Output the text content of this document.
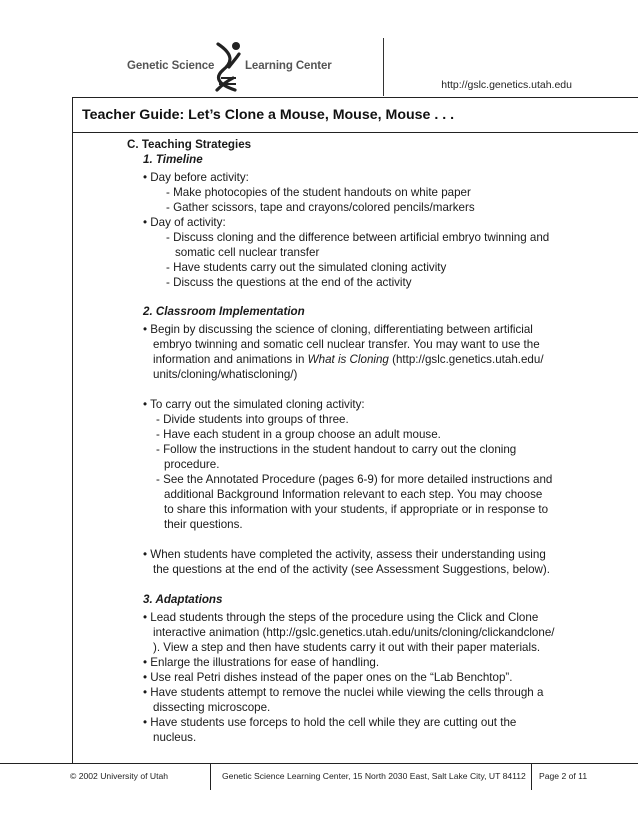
Genetic Science	Learning Center
http://gslc.genetics.utah.edu
Teacher Guide: Let’s Clone a Mouse, Mouse, Mouse . . .
C. Teaching Strategies
1. Timeline
• Day before activity:
- Make photocopies of the student handouts on white paper
- Gather scissors, tape and crayons/colored pencils/markers
• Day of activity:
- Discuss cloning and the difference between artificial embryo twinning and
somatic cell nuclear transfer
- Have students carry out the simulated cloning activity
- Discuss the questions at the end of the activity
2. Classroom Implementation
• Begin by discussing the science of cloning, differentiating between artificial
embryo twinning and somatic cell nuclear transfer. You may want to use the
information and animations in What is Cloning (http://gslc.genetics.utah.edu/
units/cloning/whatiscloning/)
• To carry out the simulated cloning activity:
- Divide students into groups of three.
- Have each student in a group choose an adult mouse.
- Follow the instructions in the student handout to carry out the cloning
procedure.
- See the Annotated Procedure (pages 6-9) for more detailed instructions and
additional Background Information relevant to each step. You may choose
to share this information with your students, if appropriate or in response to
their questions.
• When students have completed the activity, assess their understanding using
the questions at the end of the activity (see Assessment Suggestions, below).
3. Adaptations
• Lead students through the steps of the procedure using the Click and Clone
interactive animation (http://gslc.genetics.utah.edu/units/cloning/clickandclone/
). View a step and then have students carry it out with their paper materials.
• Enlarge the illustrations for ease of handling.
• Use real Petri dishes instead of the paper ones on the “Lab Benchtop”.
• Have students attempt to remove the nuclei while viewing the cells through a
dissecting microscope.
• Have students use forceps to hold the cell while they are cutting out the
nucleus.
© 2002 University of Utah	Genetic Science Learning Center, 15 North 2030 East, Salt Lake City, UT 84112 Page 2 of 11
